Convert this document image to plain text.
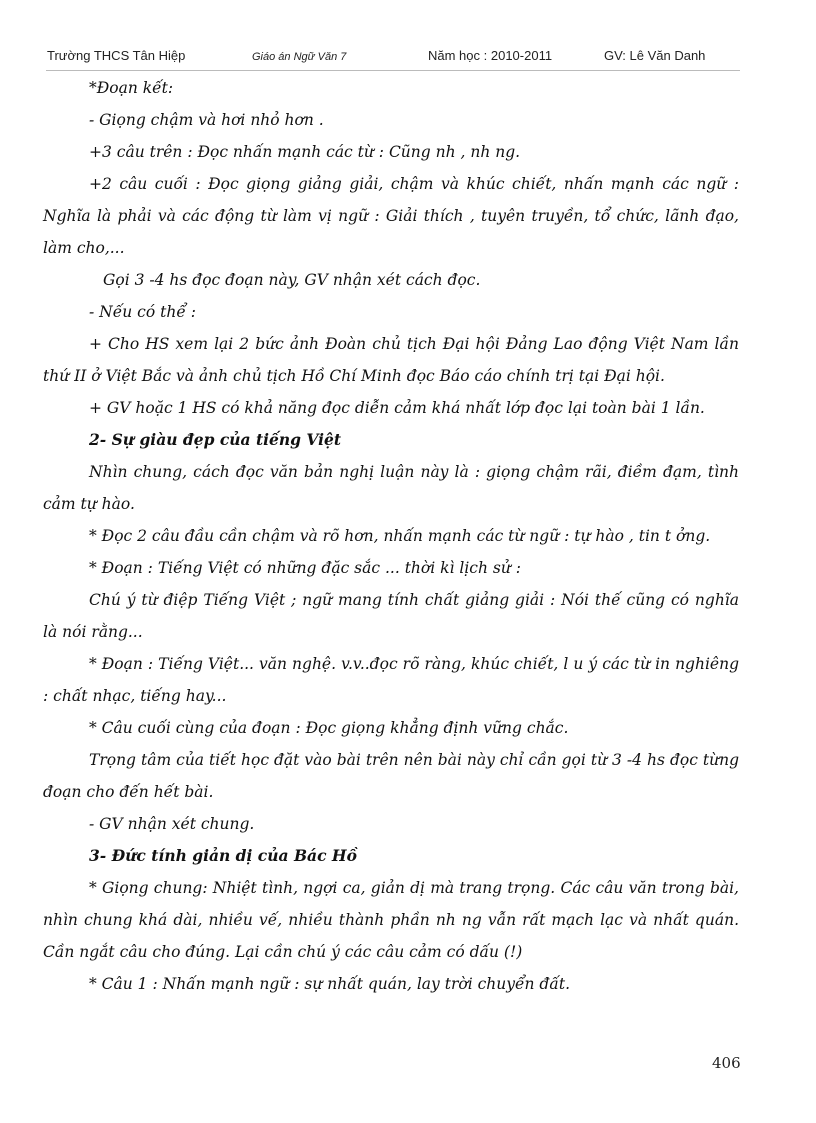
Trường THCS Tân Hiệp	Giáo án Ngữ Văn 7	Năm học : 2010-2011	GV: Lê Văn Danh

*Đoạn kết:

- Giọng chậm và hơi nhỏ hơn .

+3 câu trên : Đọc nhấn mạnh các từ : Cũng nh , nh ng.

+2 câu cuối : Đọc giọng giảng giải, chậm và khúc chiết, nhấn mạnh các ngữ : Nghĩa là phải và các động từ làm vị ngữ : Giải thích , tuyên truyền, tổ chức, lãnh đạo, làm cho,...

Gọi 3 -4 hs đọc đoạn này, GV nhận xét cách đọc.

- Nếu có thể :

+ Cho HS xem lại 2 bức ảnh Đoàn chủ tịch Đại hội Đảng Lao động Việt Nam lần thứ II ở Việt Bắc và ảnh chủ tịch Hồ Chí Minh đọc Báo cáo chính trị tại Đại hội.

+ GV hoặc 1 HS có khả năng đọc diễn cảm khá nhất lớp đọc lại toàn bài 1 lần.

2- Sự giàu đẹp của tiếng Việt

Nhìn chung, cách đọc văn bản nghị luận này là : giọng chậm rãi, điềm đạm, tình cảm tự hào.

* Đọc 2 câu đầu cần chậm và rõ hơn, nhấn mạnh các từ ngữ : tự hào , tin t ởng.

* Đoạn : Tiếng Việt có những đặc sắc ... thời kì lịch sử :

Chú ý từ điệp Tiếng Việt ; ngữ mang tính chất giảng giải : Nói thế cũng có nghĩa là nói rằng...

* Đoạn : Tiếng Việt... văn nghệ. v.v..đọc rõ ràng, khúc chiết, l u ý các từ in nghiêng : chất nhạc, tiếng hay...

* Câu cuối cùng của đoạn : Đọc giọng khẳng định vững chắc.

Trọng tâm của tiết học đặt vào bài trên nên bài này chỉ cần gọi từ 3 -4 hs đọc từng đoạn cho đến hết bài.

- GV nhận xét chung.

3- Đức tính giản dị của Bác Hồ

* Giọng chung: Nhiệt tình, ngợi ca, giản dị mà trang trọng. Các câu văn trong bài, nhìn chung khá dài, nhiều vế, nhiều thành phần nh ng vẫn rất mạch lạc và nhất quán. Cần ngắt câu cho đúng. Lại cần chú ý các câu cảm có dấu (!)

* Câu 1 : Nhấn mạnh ngữ : sự nhất quán, lay trời chuyển đất.

406
